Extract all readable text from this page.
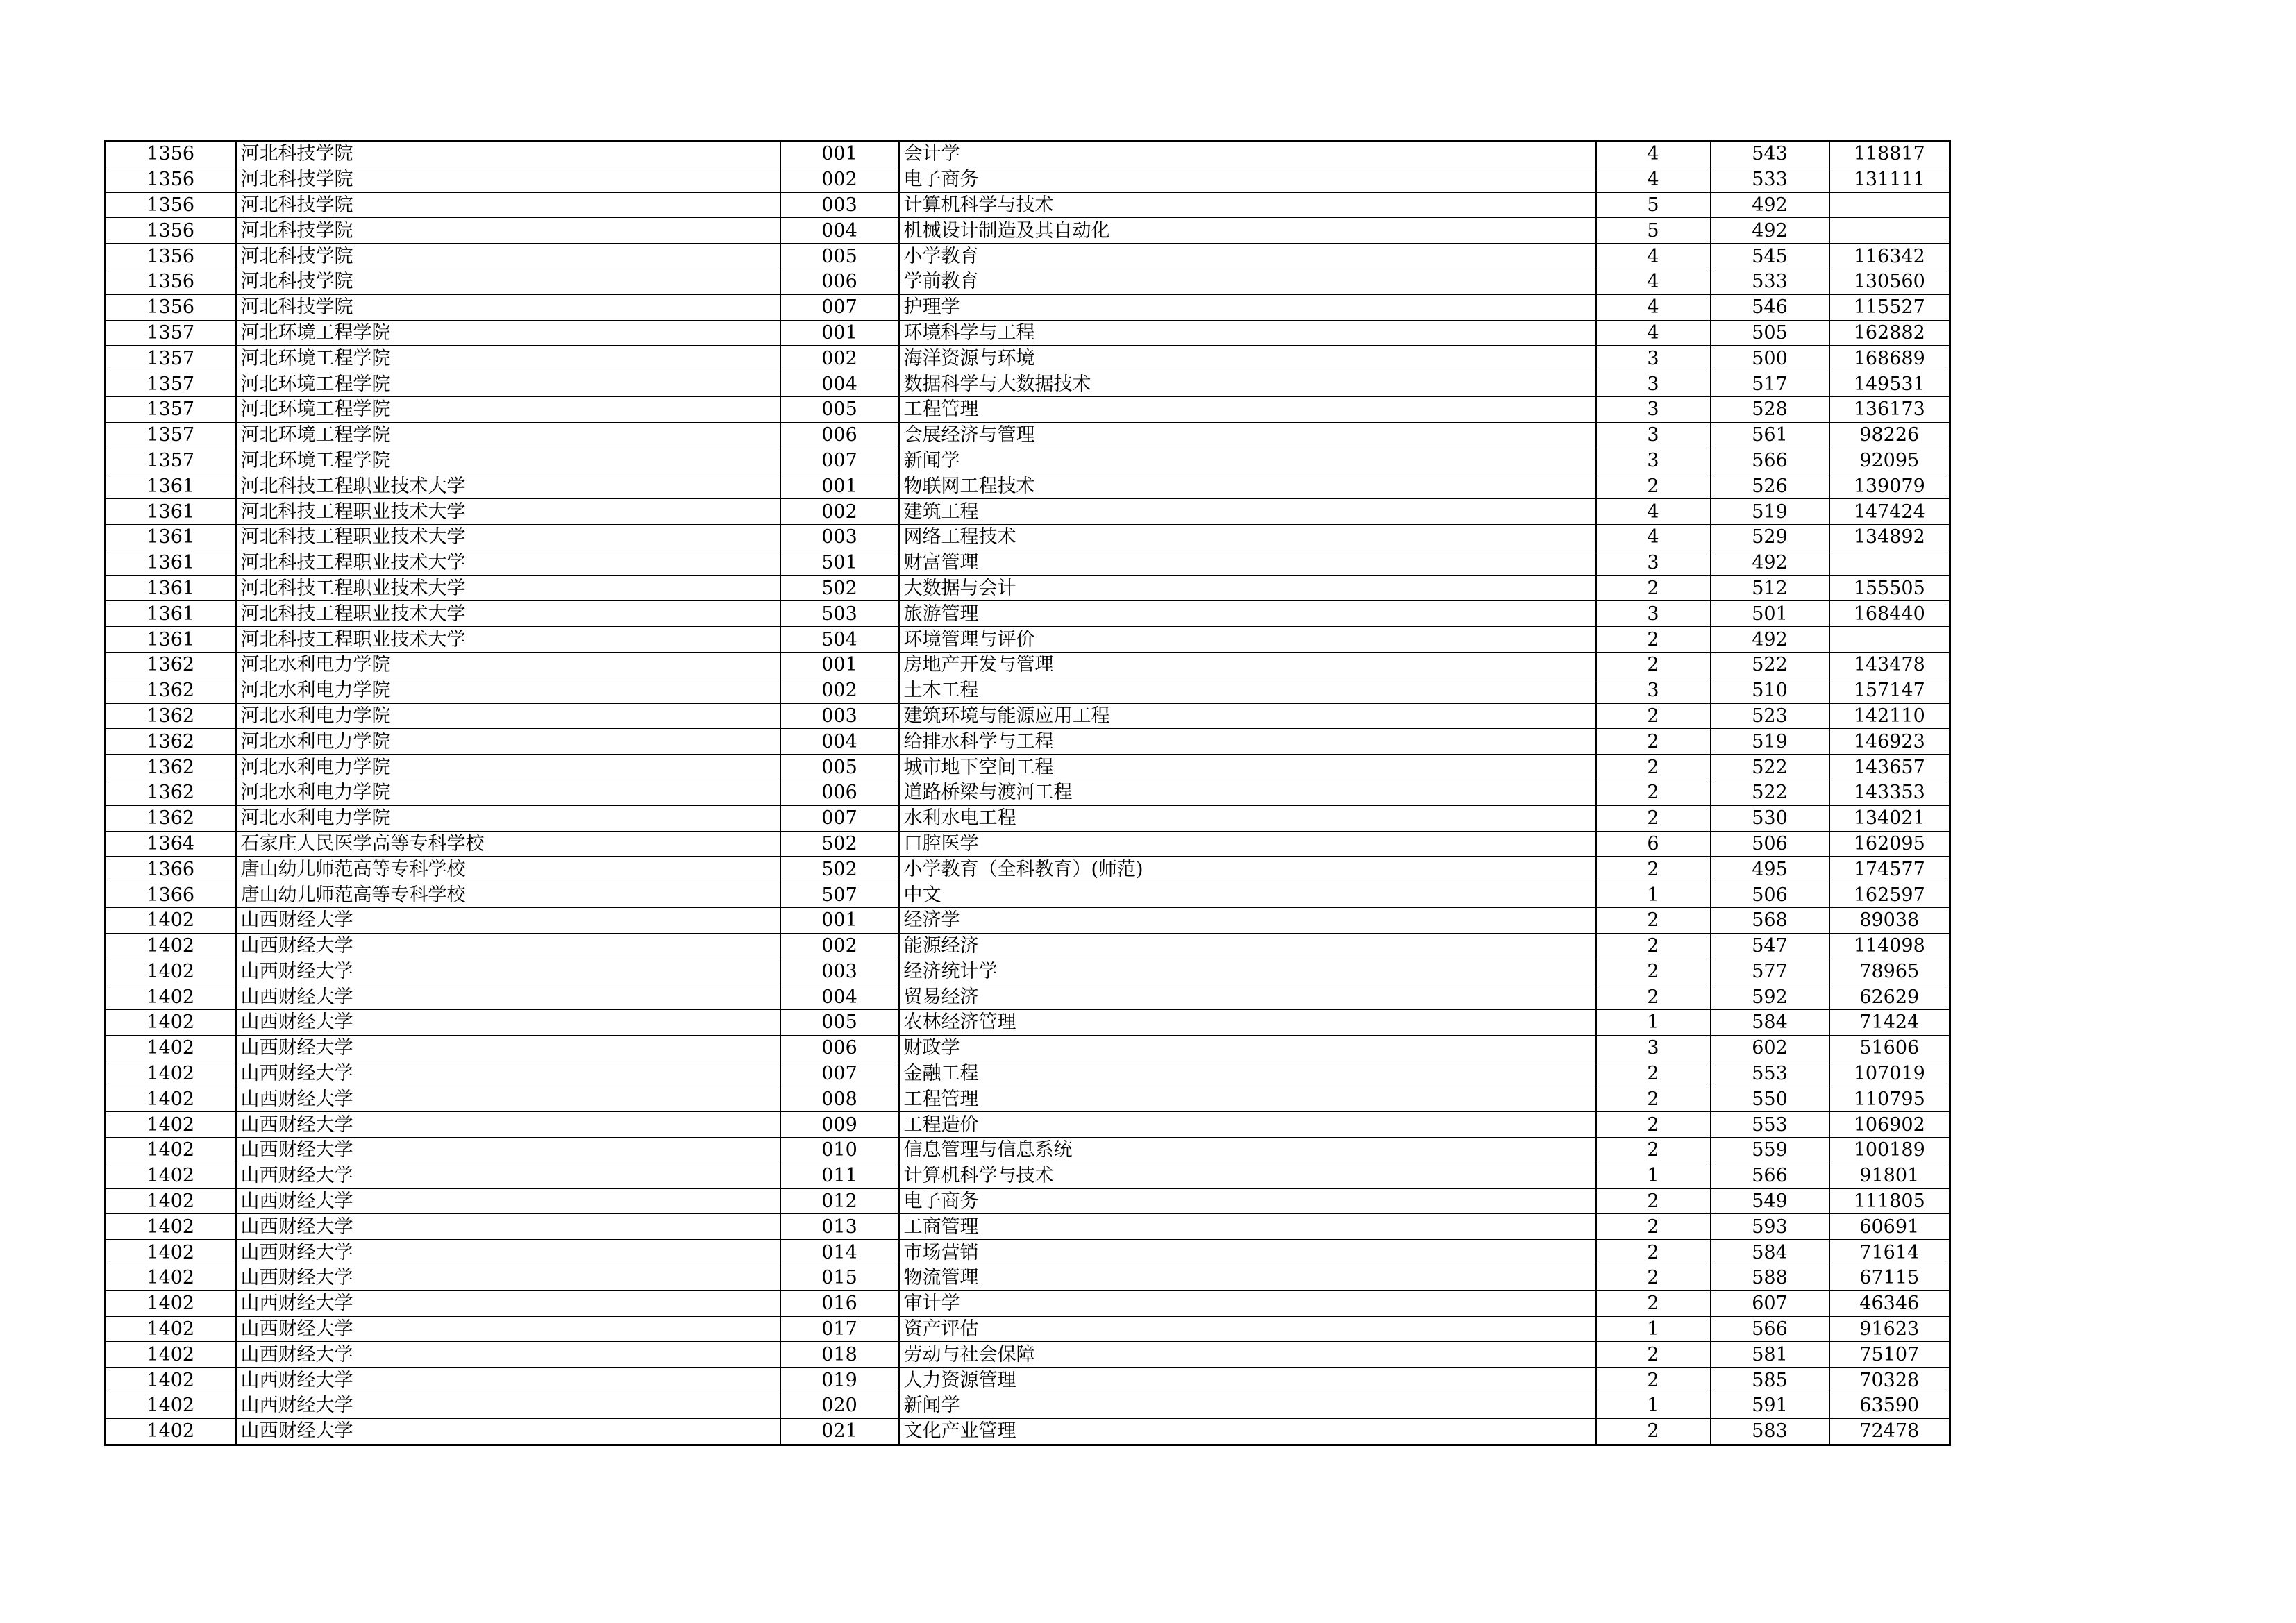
1356	河北科技学院	001	会计学	4	543	118817
1356	河北科技学院	002	电子商务	4	533	131111
1356	河北科技学院	003	计算机科学与技术	5	492	
1356	河北科技学院	004	机械设计制造及其自动化	5	492	
1356	河北科技学院	005	小学教育	4	545	116342
1356	河北科技学院	006	学前教育	4	533	130560
1356	河北科技学院	007	护理学	4	546	115527
1357	河北环境工程学院	001	环境科学与工程	4	505	162882
1357	河北环境工程学院	002	海洋资源与环境	3	500	168689
1357	河北环境工程学院	004	数据科学与大数据技术	3	517	149531
1357	河北环境工程学院	005	工程管理	3	528	136173
1357	河北环境工程学院	006	会展经济与管理	3	561	98226
1357	河北环境工程学院	007	新闻学	3	566	92095
1361	河北科技工程职业技术大学	001	物联网工程技术	2	526	139079
1361	河北科技工程职业技术大学	002	建筑工程	4	519	147424
1361	河北科技工程职业技术大学	003	网络工程技术	4	529	134892
1361	河北科技工程职业技术大学	501	财富管理	3	492	
1361	河北科技工程职业技术大学	502	大数据与会计	2	512	155505
1361	河北科技工程职业技术大学	503	旅游管理	3	501	168440
1361	河北科技工程职业技术大学	504	环境管理与评价	2	492	
1362	河北水利电力学院	001	房地产开发与管理	2	522	143478
1362	河北水利电力学院	002	土木工程	3	510	157147
1362	河北水利电力学院	003	建筑环境与能源应用工程	2	523	142110
1362	河北水利电力学院	004	给排水科学与工程	2	519	146923
1362	河北水利电力学院	005	城市地下空间工程	2	522	143657
1362	河北水利电力学院	006	道路桥梁与渡河工程	2	522	143353
1362	河北水利电力学院	007	水利水电工程	2	530	134021
1364	石家庄人民医学高等专科学校	502	口腔医学	6	506	162095
1366	唐山幼儿师范高等专科学校	502	小学教育（全科教育）(师范)	2	495	174577
1366	唐山幼儿师范高等专科学校	507	中文	1	506	162597
1402	山西财经大学	001	经济学	2	568	89038
1402	山西财经大学	002	能源经济	2	547	114098
1402	山西财经大学	003	经济统计学	2	577	78965
1402	山西财经大学	004	贸易经济	2	592	62629
1402	山西财经大学	005	农林经济管理	1	584	71424
1402	山西财经大学	006	财政学	3	602	51606
1402	山西财经大学	007	金融工程	2	553	107019
1402	山西财经大学	008	工程管理	2	550	110795
1402	山西财经大学	009	工程造价	2	553	106902
1402	山西财经大学	010	信息管理与信息系统	2	559	100189
1402	山西财经大学	011	计算机科学与技术	1	566	91801
1402	山西财经大学	012	电子商务	2	549	111805
1402	山西财经大学	013	工商管理	2	593	60691
1402	山西财经大学	014	市场营销	2	584	71614
1402	山西财经大学	015	物流管理	2	588	67115
1402	山西财经大学	016	审计学	2	607	46346
1402	山西财经大学	017	资产评估	1	566	91623
1402	山西财经大学	018	劳动与社会保障	2	581	75107
1402	山西财经大学	019	人力资源管理	2	585	70328
1402	山西财经大学	020	新闻学	1	591	63590
1402	山西财经大学	021	文化产业管理	2	583	72478
